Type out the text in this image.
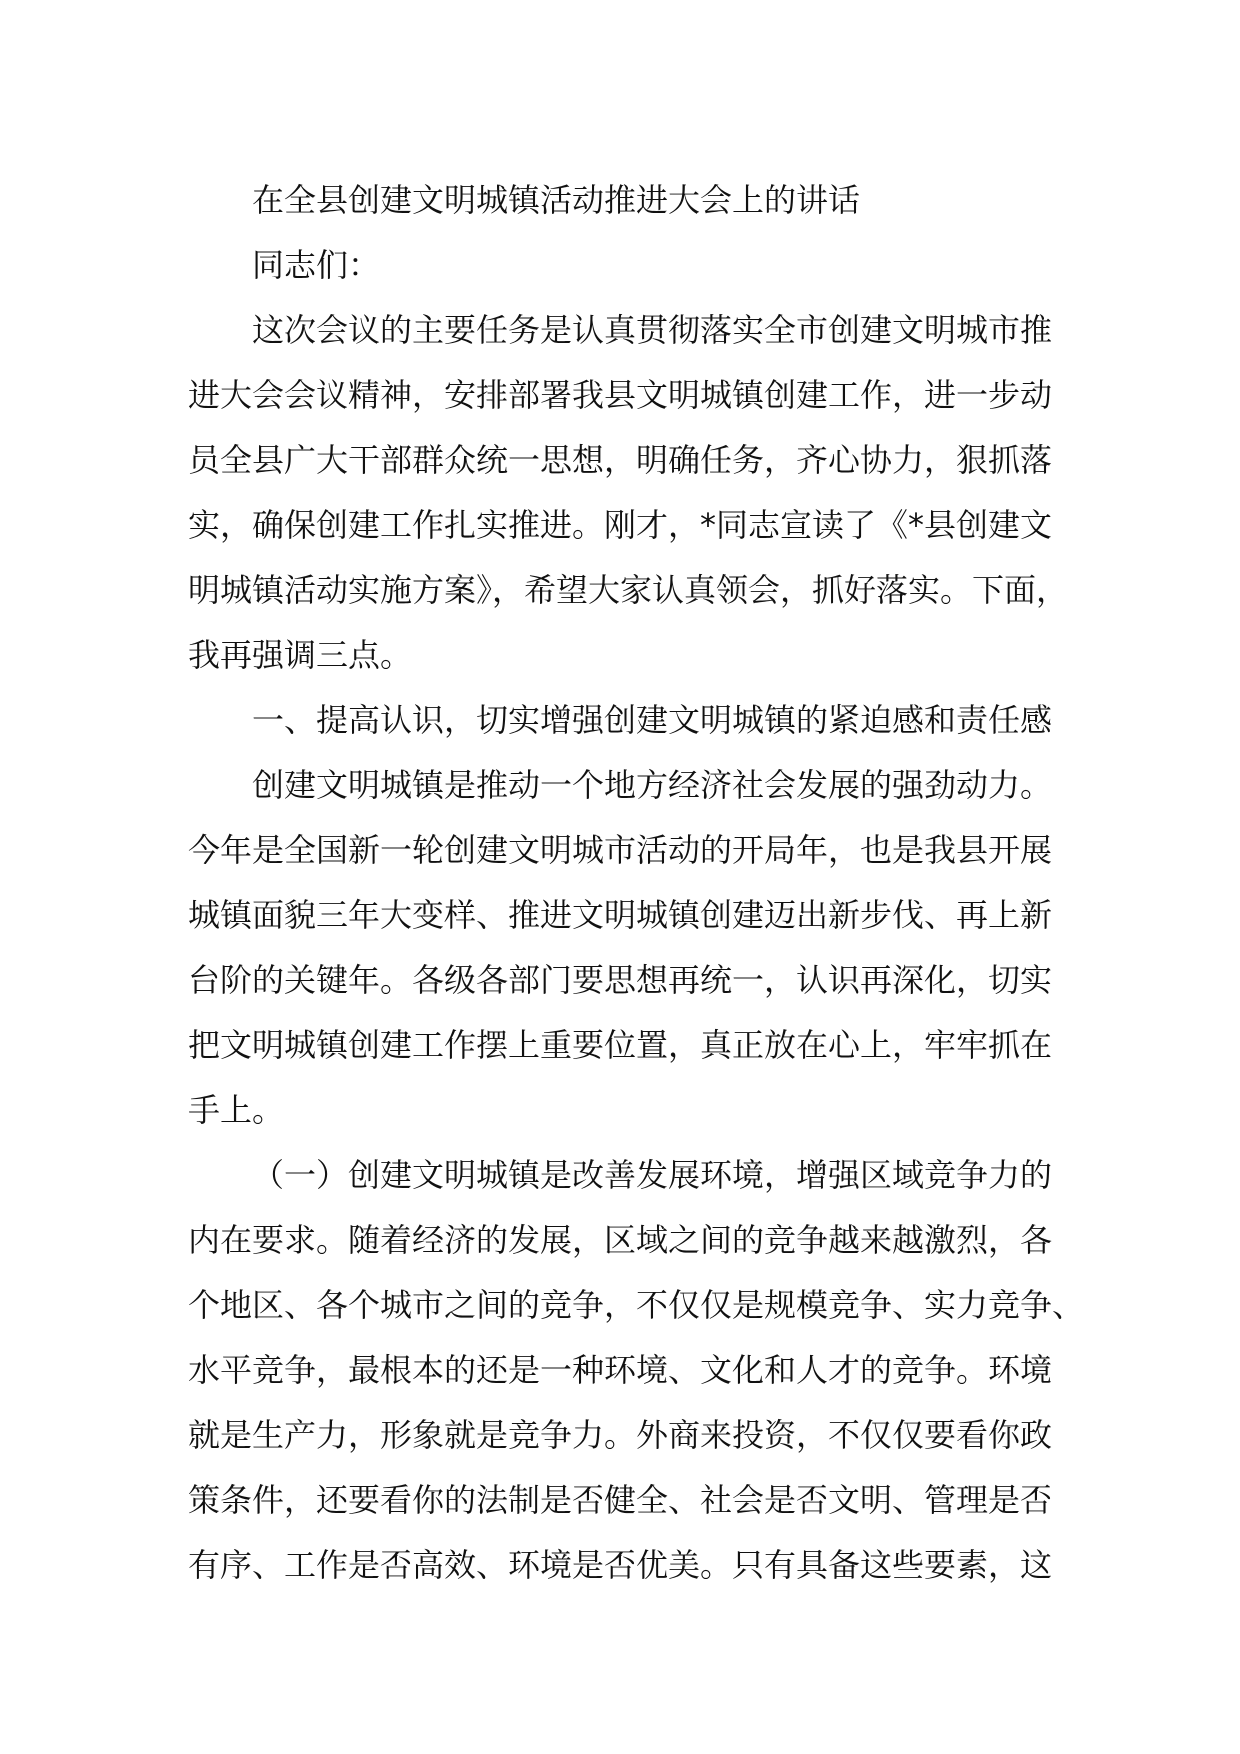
在全县创建文明城镇活动推进大会上的讲话
同志们：
这次会议的主要任务是认真贯彻落实全市创建文明城市推
进大会会议精神，安排部署我县文明城镇创建工作，进一步动
员全县广大干部群众统一思想，明确任务，齐心协力，狠抓落
实，确保创建工作扎实推进。刚才，*同志宣读了《*县创建文
明城镇活动实施方案》，希望大家认真领会，抓好落实。下面，
我再强调三点。
一、提高认识，切实增强创建文明城镇的紧迫感和责任感
创建文明城镇是推动一个地方经济社会发展的强劲动力。
今年是全国新一轮创建文明城市活动的开局年，也是我县开展
城镇面貌三年大变样、推进文明城镇创建迈出新步伐、再上新
台阶的关键年。各级各部门要思想再统一，认识再深化，切实
把文明城镇创建工作摆上重要位置，真正放在心上，牢牢抓在
手上。
（一）创建文明城镇是改善发展环境，增强区域竞争力的
内在要求。随着经济的发展，区域之间的竞争越来越激烈，各
个地区、各个城市之间的竞争，不仅仅是规模竞争、实力竞争、
水平竞争，最根本的还是一种环境、文化和人才的竞争。环境
就是生产力，形象就是竞争力。外商来投资，不仅仅要看你政
策条件，还要看你的法制是否健全、社会是否文明、管理是否
有序、工作是否高效、环境是否优美。只有具备这些要素，这
